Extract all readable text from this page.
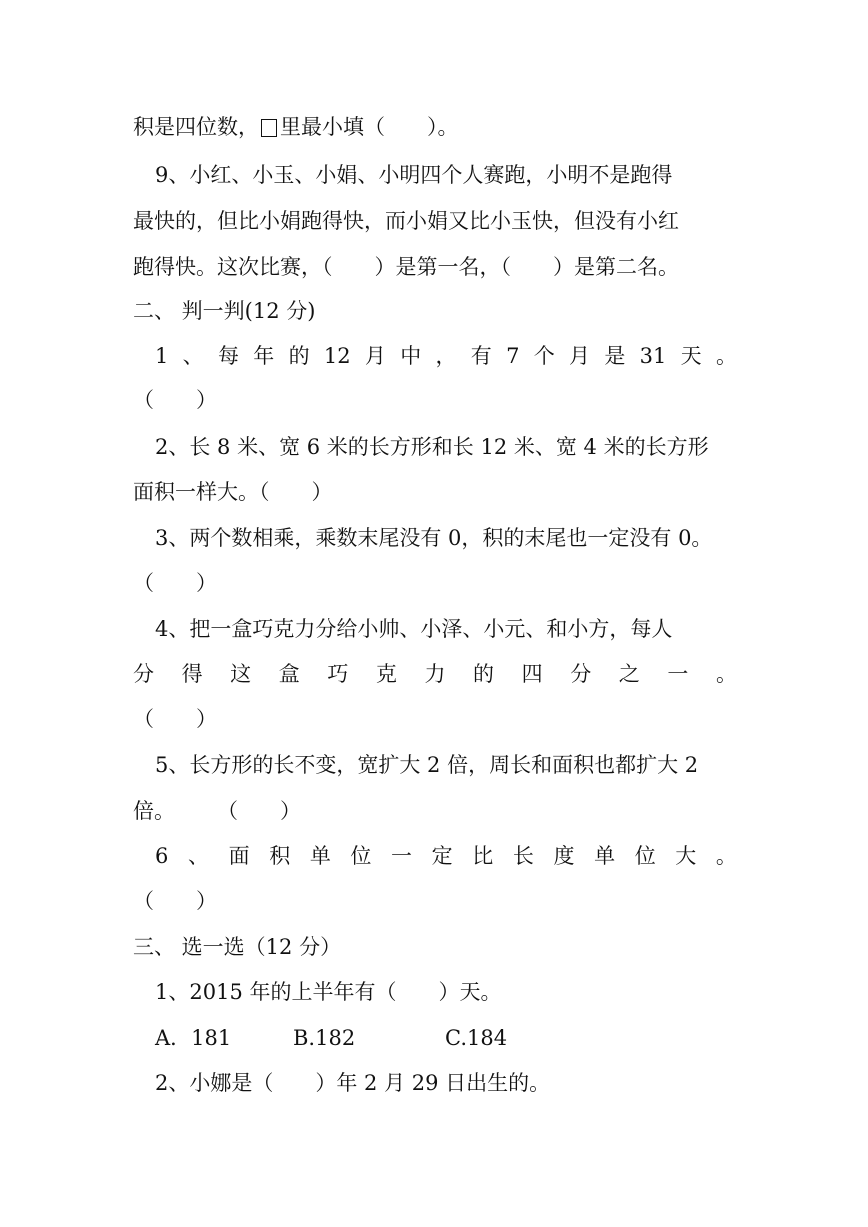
积是四位数， 里最小填（　　）。
9、小红、小玉、小娟、小明四个人赛跑，小明不是跑得
最快的，但比小娟跑得快，而小娟又比小玉快，但没有小红
跑得快。这次比赛，（　　）是第一名，（　　）是第二名。
二、 判一判(12 分)
1 、 每 年 的 12 月 中 ， 有 7 个 月 是 31 天 。
（　　）
2、长 8 米、宽 6 米的长方形和长 12 米、宽 4 米的长方形
面积一样大。（　　）
3、两个数相乘，乘数末尾没有 0，积的末尾也一定没有 0。
（　　）
4、把一盒巧克力分给小帅、小泽、小元、和小方，每人
分 得 这 盒 巧 克 力 的 四 分 之 一 。
（　　）
5、长方形的长不变，宽扩大 2 倍，周长和面积也都扩大 2
倍。　　　（　　）
6 、 面 积 单 位 一 定 比 长 度 单 位 大 。
（　　）
三、 选一选（12 分）
1、2015 年的上半年有（　　）天。
A．181	B.182	C.184
2、小娜是（　　）年 2 月 29 日出生的。
